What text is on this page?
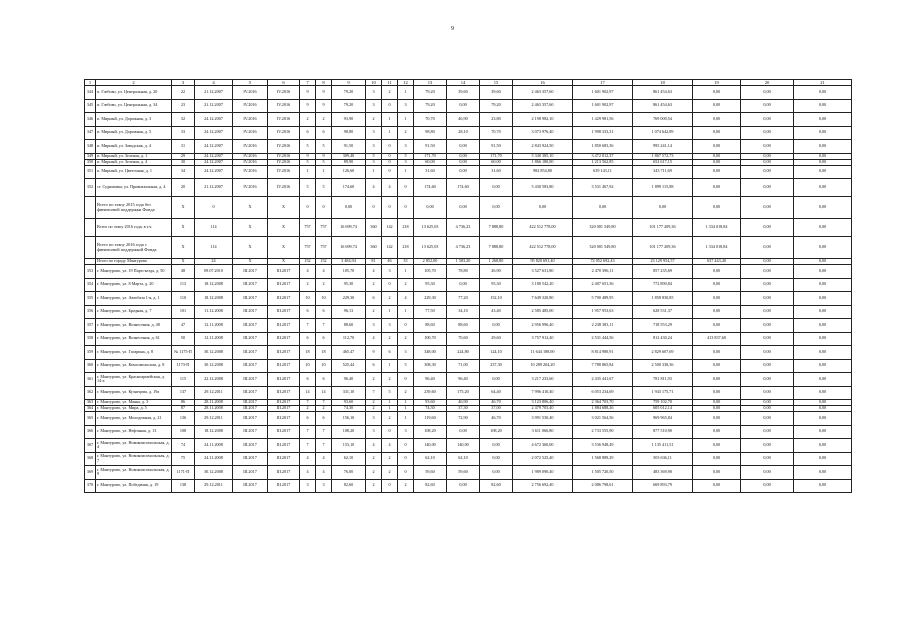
9
1	2	3	4	5	6	7	8	9	10	11	12	13	14	15	16	17	18	19	20	21
344	п. Глебово, ул. Центральная, д. 20	22	21.12.2007	IV.2016	IV.2016	9	9	79,20	3	2	1	79,20	39,60	39,60	2 463 357,60	1 601 902,97	861 454,63	0,00	0,00	0,00
345	п. Глебово, ул. Центральная, д. 34	23	21.12.2007	IV.2016	IV.2016	9	9	79,20	3	0	3	79,20	0,00	79,20	2 463 357,60	1 601 902,97	861 454,63	0,00	0,00	0,00
346	п. Мирный, ул. Дорожная, д. 3	32	24.12.2007	IV.2016	IV.2016	2	2	93,90	2	1	1	70,70	46,90	23,80	2 198 982,10	1 429 981,56	769 000,54	0,00	0,00	0,00
347	п. Мирный, ул. Дорожная, д. 5	33	24.12.2007	IV.2016	IV.2016	6	6	98,80	3	1	2	98,80	28,10	70,70	3 073 976,40	1 998 333,31	1 074 642,89	0,00	0,00	0,00
348	п. Мирный, ул. Заводская, д. 4	31	24.12.2007	IV.2016	IV.2016	5	5	91,50	3	0	3	91,50	0,00	91,50	2 843 924,50	1 850 683,36	995 241,14	0,00	0,00	0,00
349	п. Мирный, ул. Зеленая, д. 1	29	24.12.2007	IV.2016	IV.2016	9	9	309,40	5	0	5	171,70	0,00	171,70	5 340 385,10	3 472 812,37	1 867 572,73	0,00	0,00	0,00
350	п. Мирный, ул. Зеленая, д. 4	30	24.12.2007	IV.2016	IV.2016	5	5	89,90	3	0	3	60,00	0,00	60,00	1 866 180,00	1 213 562,85	652 617,15	0,00	0,00	0,00
351	п. Мирный, ул. Цветочная, д. 1	34	24.12.2007	IV.2016	IV.2016	1	1	126,60	1	0	1	31,60	0,00	31,60	982 854,80	639 143,11	343 711,69	0,00	0,00	0,00
352	ст. Судимовка, ул. Привокзальная, д. 4	20	21.12.2007	IV.2016	IV.2016	5	5	174,60	4	4	0	174,60	174,60	0,00	5 430 583,80	3 531 467,92	1 899 115,88	0,00	0,00	0,00
	Всего по этапу 2015 года без финансовой поддержки Фонда	X	0	X	X	0	0	0,00	0	0	0	0,00	0,00	0,00	0,00	0,00	0,00	0,00	0,00	0,00
	Всего по этапу 2016 года, в т.ч.	X	114	X	X	757	757	16 699,74	360	142	218	13 625,03	4 736,23	7 888,80	422 512 778,00	320 001 549,80	101 177 209,36	1 334 018,84	0,00	0,00
	Всего по этапу 2016 года с финансовой поддержкой Фонда	X	114	X	X	757	757	16 699,74	360	142	218	13 625,03	4 736,23	7 888,80	422 512 778,00	320 001 549,80	101 177 209,36	1 334 018,84	0,00	0,00
	Итого по городу Мантурово	X	24	X	X	152	152	3 484,94	81	46	35	2 852,00	1 583,20	1 268,80	95 820 691,40	72 052 692,43	23 129 954,57	637 443,40	0,00	0,00
353	г. Мантурово, ул. 19 Партсъезда, д. 50	48	09.07.2010	III.2017	III.2017	4	4	105,70	4	3	1	105,70	78,80	26,90	3 527 631,80	2 470 396,11	857 235,69	0,00	0,00	0,00
354	г. Мантурово, ул. 8 Марта, д. 20	113	18.12.2008	III.2017	III.2017	2	2	95,30	2	0	2	95,30	0,00	95,30	3 180 542,20	2 407 651,36	772 890,84	0,00	0,00	0,00
355	г. Мантурово, ул. Автобаза 1-я, д. 1	110	18.12.2008	III.2017	III.2017	10	10	229,30	6	2	4	229,30	77,20	152,10	7 649 320,80	5 790 489,95	1 858 830,85	0,00	0,00	0,00
356	г. Мантурово, ул. Бродная, д. 7	101	11.12.2008	III.2017	III.2017	6	6	96,13	2	1	1	77,50	34,10	43,40	2 585 485,00	1 957 953,63	628 531,37	0,00	0,00	0,00
357	г. Мантурово, ул. Вознесения, д. 48	47	12.11.2008	III.2017	III.2017	7	7	88,60	3	3	0	88,60	88,60	0,00	2 956 996,40	2 238 383,11	718 553,29	0,00	0,00	0,00
358	г. Мантурово, ул. Вознесения, д. 61	50	12.11.2008	III.2017	III.2017	6	6	112,70	4	2	2	100,70	70,60	29,60	3 757 912,40	2 531 444,56	812 430,24	413 837,60	0,00	0,00
359	г. Мантурово, ул. Гагарина, д. 8	№ 1175-П	30.12.2008	III.2017	III.2017	18	18	465,47	9	6	3	348,00	224,80	124,10	11 644 188,00	8 814 980,91	2 829 607,69	0,00	0,00	0,00
360	г. Мантурово, ул. Комсомольская, д. 8	1173-П	30.12.2008	III.2017	III.2017	10	10	525,44	6	1	5	308,30	71,00	237,30	10 289 204,20	7 788 865,84	2 500 338,36	0,00	0,00	0,00
361	г. Мантурово, ул. Красноармейская, д. 14-а	115	22.12.2008	III.2017	III.2017	6	6	96,40	2	2	0	96,40	96,40	0,00	3 217 233,60	2 435 441,67	781 811,93	0,00	0,00	0,00
362	г. Мантурово, ул. Кузнецова, д. 19а	137	29.12.2011	III.2017	III.2017	14	14	331,10	7	5	2	239,60	175,20	64,40	7 996 410,40	6 053 234,69	1 943 175,71	0,00	0,00	0,00
363	г. Мантурово, ул. Маяка, д. 3	86	28.11.2008	III.2017	III.2017	7	7	93,60	2	1	1	93,60	46,90	46,70	3 123 806,40	2 364 703,70	759 102,70	0,00	0,00	0,00
364	г. Мантурово, ул. Мира, д. 5	87	28.11.2008	III.2017	III.2017	2	2	74,30	2	1	1	74,30	37,30	37,00	2 479 703,40	1 884 688,26	605 012,14	0,00	0,00	0,00
365	г. Мантурово, ул. Молодежная, д. 21	136	29.12.2011	III.2017	III.2017	6	6	156,10	3	2	1	119,60	72,90	46,70	3 991 530,40	3 021 564,56	969 965,84	0,00	0,00	0,00
366	г. Мантурово, ул. Нефтяная, д. 13	108	18.12.2008	III.2017	III.2017	7	7	108,20	3	0	3	108,20	0,00	108,20	3 611 066,80	2 733 555,90	877 510,90	0,00	0,00	0,00
367	г. Мантурово, ул. Новокомсомольская, д. 4	74	24.11.2008	III.2017	III.2017	7	7	153,10	4	4	0	140,00	140,00	0,00	4 672 360,00	3 536 948,49	1 135 411,51	0,00	0,00	0,00
368	г. Мантурово, ул. Новокомсомольская, д. 7	75	24.11.2008	III.2017	III.2017	4	4	62,10	2	2	0	62,10	62,10	0,00	2 072 525,40	1 568 889,29	503 636,11	0,00	0,00	0,00
369	г. Мантурово, ул. Новокомсомольская, д. 9	1171-П	30.12.2008	III.2017	III.2017	4	4	76,00	2	2	0	59,60	59,60	0,00	1 989 090,40	1 505 720,50	483 369,90	0,00	0,00	0,00
370	г. Мантурово, ул. Победения, д. 19	138	29.12.2011	III.2017	III.2017	3	3	82,60	2	0	2	82,60	0,00	82,60	2 756 692,40	2 086 798,61	669 893,79	0,00	0,00	0,00
